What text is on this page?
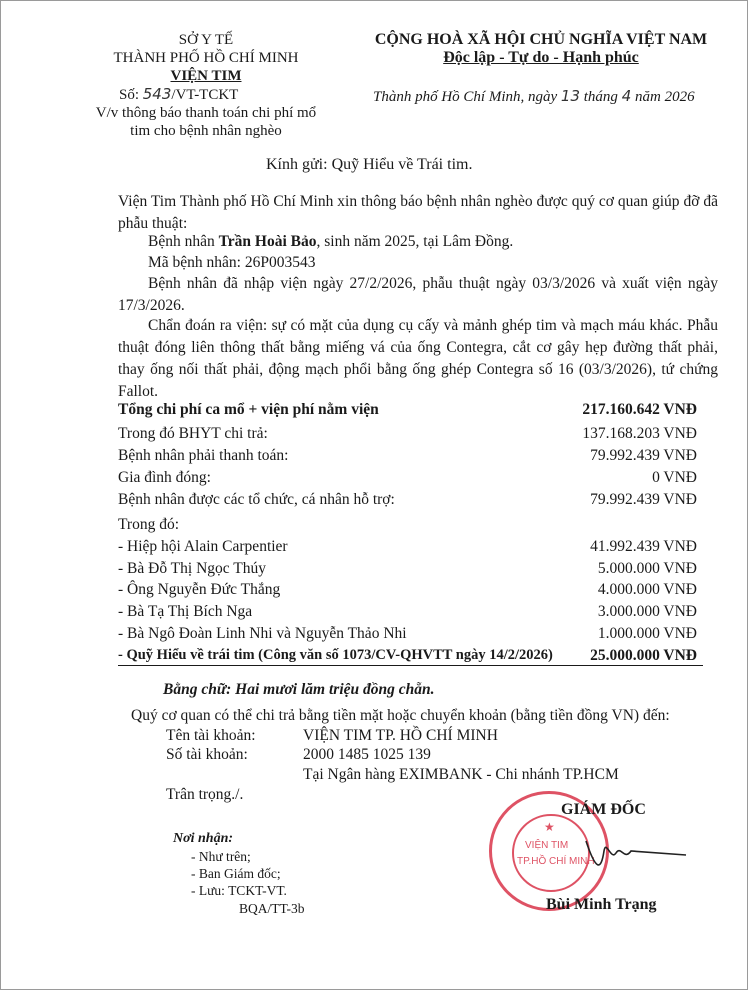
SỞ Y TẾ
THÀNH PHỐ HỒ CHÍ MINH
VIỆN TIM
Số: 543/VT-TCKT
V/v thông báo thanh toán chi phí mổ
tim cho bệnh nhân nghèo
CỘNG HOÀ XÃ HỘI CHỦ NGHĨA VIỆT NAM
Độc lập - Tự do - Hạnh phúc
Thành phố Hồ Chí Minh, ngày 13 tháng 4 năm 2026
Kính gửi: Quỹ Hiểu về Trái tim.
Viện Tim Thành phố Hồ Chí Minh xin thông báo bệnh nhân nghèo được quý cơ quan giúp đỡ đã phẫu thuật:
Bệnh nhân Trần Hoài Bảo, sinh năm 2025, tại Lâm Đồng.
Mã bệnh nhân: 26P003543
Bệnh nhân đã nhập viện ngày 27/2/2026, phẫu thuật ngày 03/3/2026 và xuất viện ngày 17/3/2026.
Chẩn đoán ra viện: sự có mặt của dụng cụ cấy và mảnh ghép tim và mạch máu khác. Phẫu thuật đóng liên thông thất bằng miếng vá của ống Contegra, cắt cơ gây hẹp đường thất phải, thay ống nối thất phải, động mạch phổi bằng ống ghép Contegra số 16 (03/3/2026), tứ chứng Fallot.
Tổng chi phí ca mổ + viện phí nằm viện	217.160.642 VNĐ
Trong đó BHYT chi trả:	137.168.203 VNĐ
Bệnh nhân phải thanh toán:	79.992.439 VNĐ
Gia đình đóng:	0 VNĐ
Bệnh nhân được các tổ chức, cá nhân hỗ trợ:	79.992.439 VNĐ
Trong đó:
- Hiệp hội Alain Carpentier	41.992.439 VNĐ
- Bà Đỗ Thị Ngọc Thúy	5.000.000 VNĐ
- Ông Nguyễn Đức Thắng	4.000.000 VNĐ
- Bà Tạ Thị Bích Nga	3.000.000 VNĐ
- Bà Ngô Đoàn Linh Nhi và Nguyễn Thảo Nhi	1.000.000 VNĐ
- Quỹ Hiểu về trái tim (Công văn số 1073/CV-QHVTT ngày 14/2/2026) 25.000.000 VNĐ
Bằng chữ: Hai mươi lăm triệu đồng chẵn.
Quý cơ quan có thể chi trả bằng tiền mặt hoặc chuyển khoản (bằng tiền đồng VN) đến:
Tên tài khoản:	VIỆN TIM TP. HỒ CHÍ MINH
Số tài khoản:	2000 1485 1025 139
Tại Ngân hàng EXIMBANK - Chi nhánh TP.HCM
Trân trọng./.
Nơi nhận:
- Như trên;
- Ban Giám đốc;
- Lưu: TCKT-VT.
BQA/TT-3b
★
VIỆN TIM
TP.HỒ CHÍ MINH
GIÁM ĐỐC
Bùi Minh Trạng
